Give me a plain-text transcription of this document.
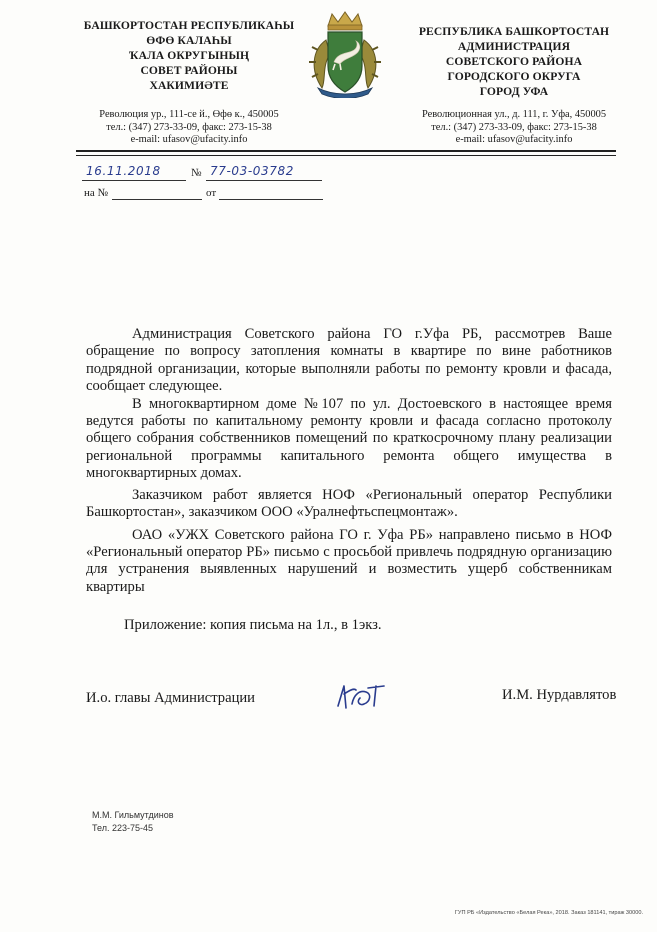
БАШКОРТОСТАН РЕСПУБЛИКАҺЫ
ӨФӨ КАЛАҺЫ
ҠАЛА ОКРУГЫНЫҢ
СОВЕТ РАЙОНЫ
ХАКИМИӘТЕ
Революция ур., 111-се й., Өфө к., 450005
тел.: (347) 273-33-09, факс: 273-15-38
e-mail: ufasov@ufacity.info
РЕСПУБЛИКА БАШКОРТОСТАН
АДМИНИСТРАЦИЯ
СОВЕТСКОГО РАЙОНА
ГОРОДСКОГО ОКРУГА
ГОРОД УФА
Революционная ул., д. 111, г. Уфа, 450005
тел.: (347) 273-33-09, факс: 273-15-38
e-mail: ufasov@ufacity.info
16.11.2018	№ 77-03-03782
на №	от

Администрация Советского района ГО г.Уфа РБ, рассмотрев Ваше обращение по вопросу затопления комнаты в квартире по вине работников подрядной организации, которые выполняли работы по ремонту кровли и фасада, сообщает следующее.

В многоквартирном доме №107 по ул. Достоевского в настоящее время ведутся работы по капитальному ремонту кровли и фасада согласно протоколу общего собрания собственников помещений по краткосрочному плану реализации региональной программы капитального ремонта общего имущества в многоквартирных домах.

Заказчиком работ является НОФ «Региональный оператор Республики Башкортостан», заказчиком ООО «Уралнефтьспецмонтаж».

ОАО «УЖХ Советского района ГО г. Уфа РБ» направлено письмо в НОФ «Региональный оператор РБ» письмо с просьбой привлечь подрядную организацию для устранения выявленных нарушений и возместить ущерб собственникам квартиры

Приложение: копия письма на 1л., в 1экз.
И.о. главы Администрации	И.М. Нурдавлятов
М.М. Гильмутдинов
Тел. 223-75-45
ГУП РБ «Издательство «Белая Река», 2018. Заказ 181141, тираж 30000.
